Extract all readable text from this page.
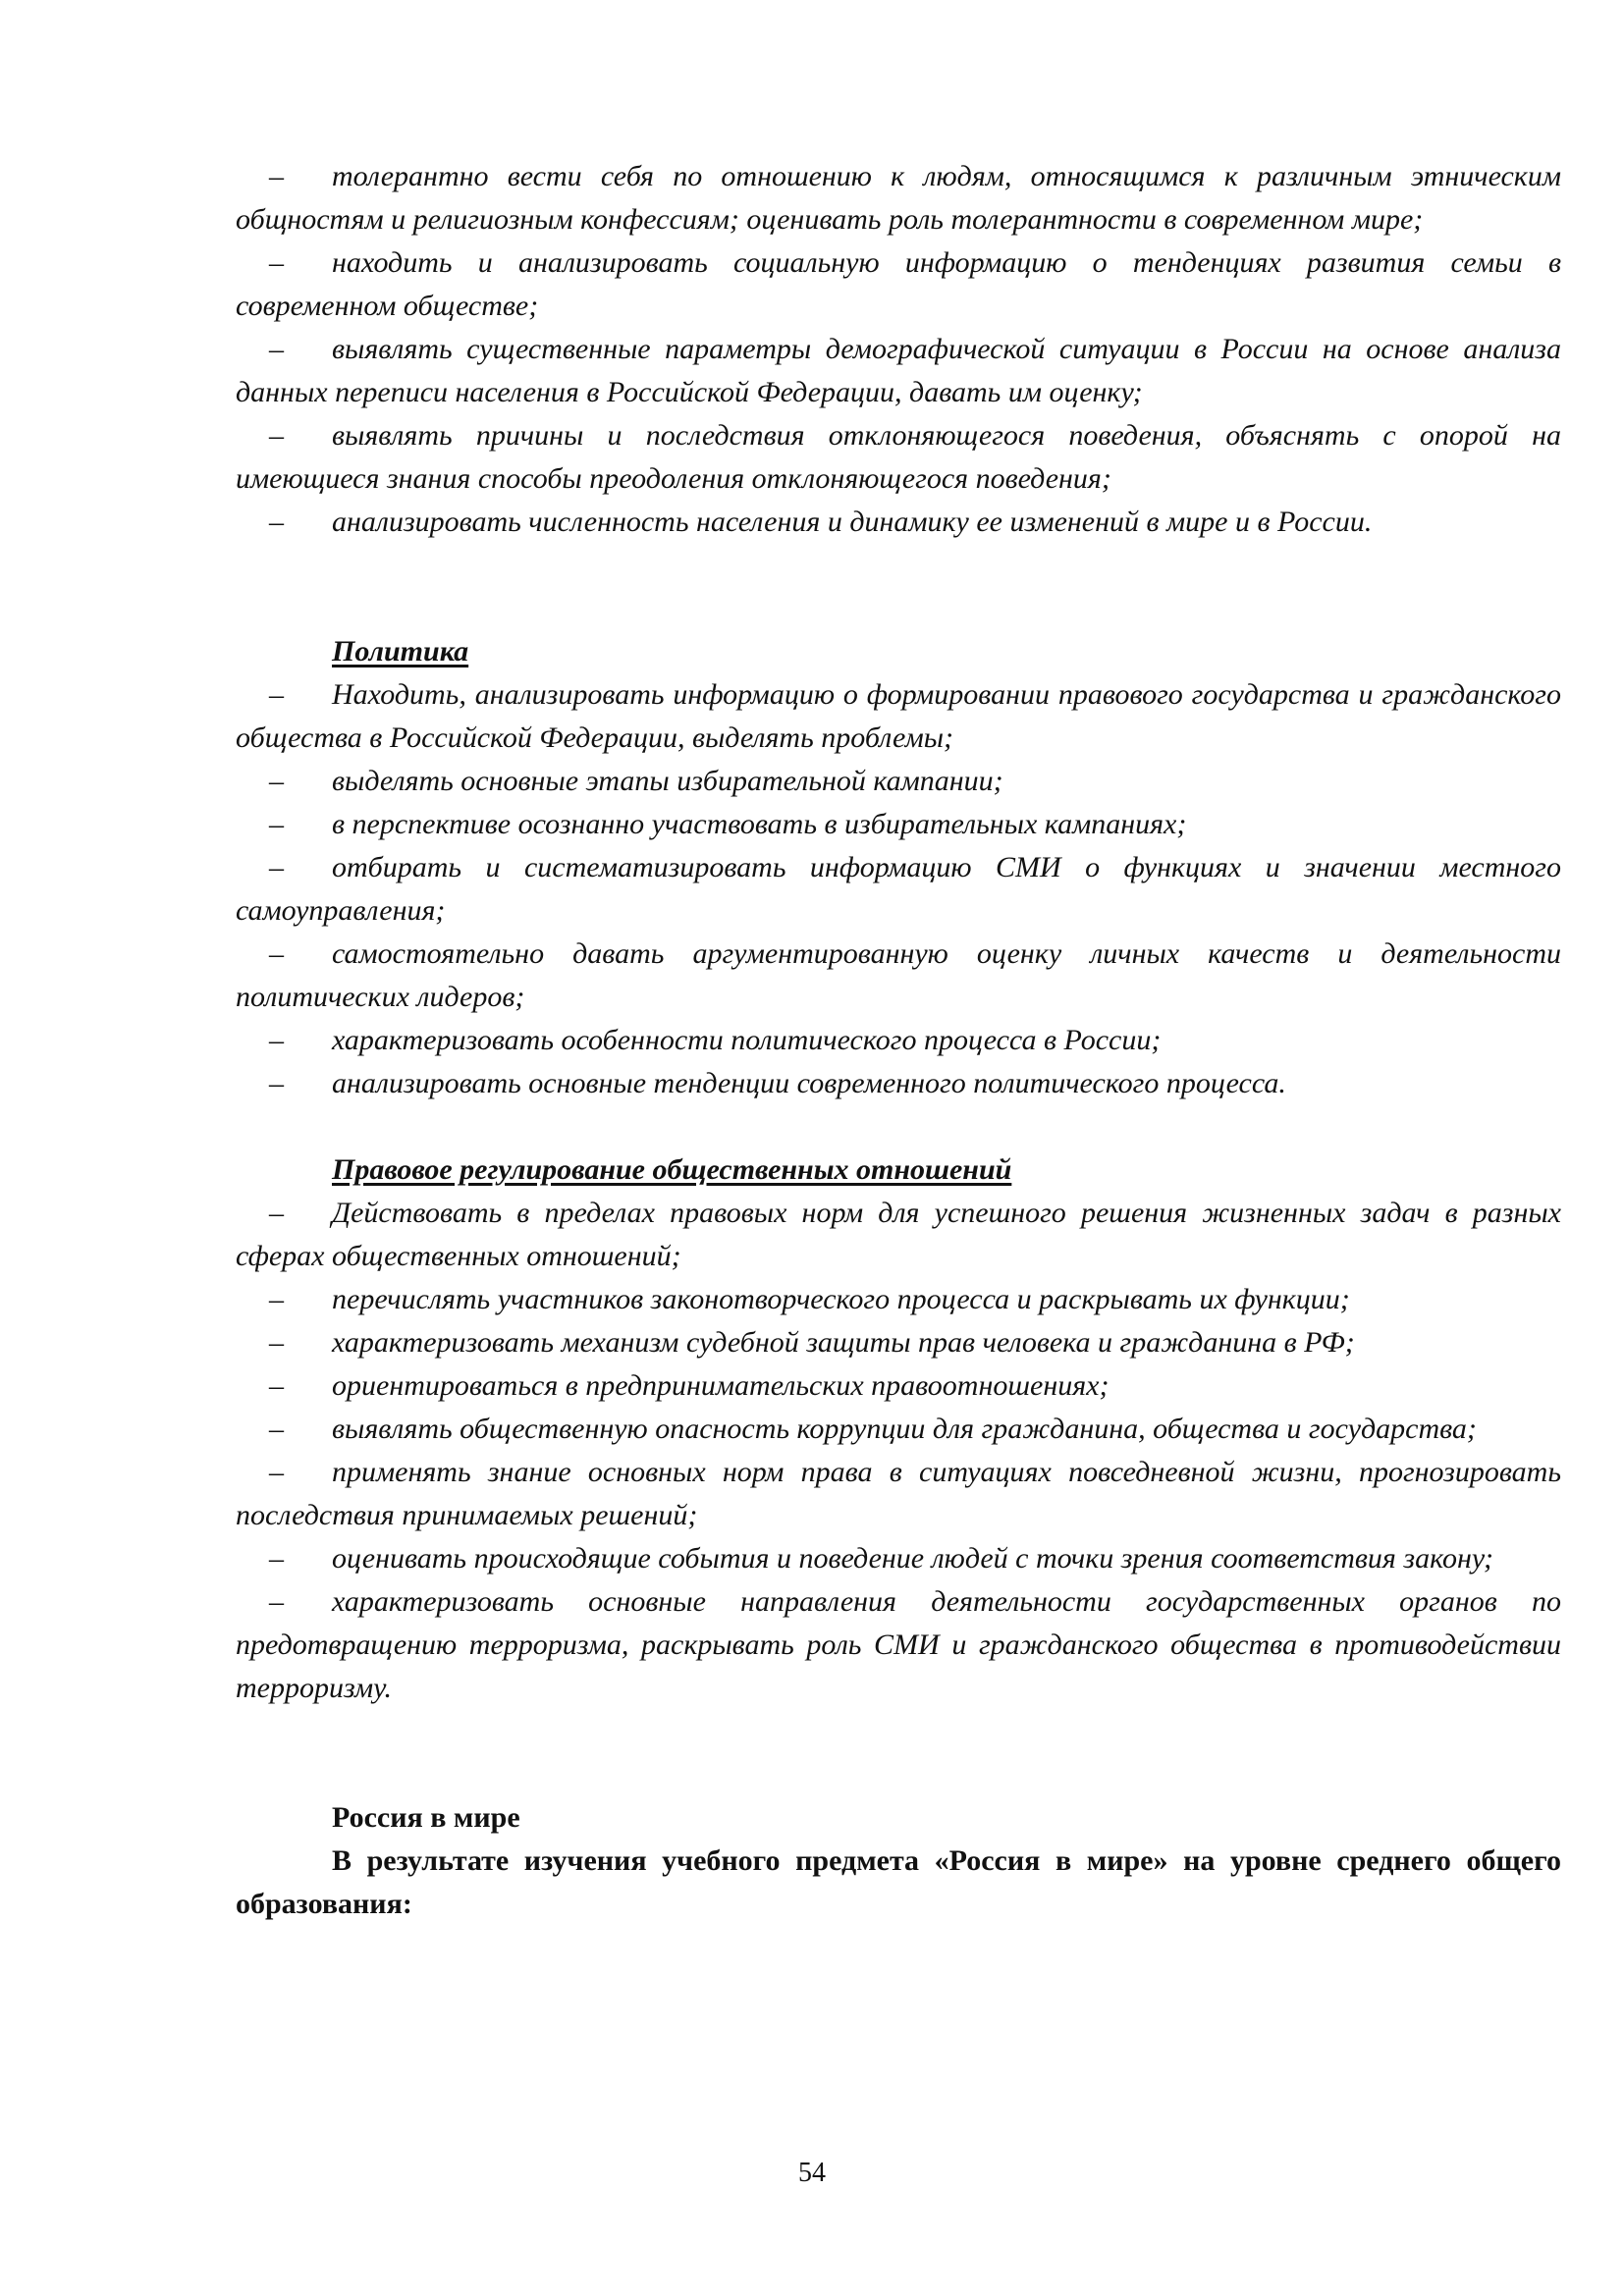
– толерантно вести себя по отношению к людям, относящимся к различным этническим общностям и религиозным конфессиям; оценивать роль толерантности в современном мире;

– находить и анализировать социальную информацию о тенденциях развития семьи в современном обществе;

– выявлять существенные параметры демографической ситуации в России на основе анализа данных переписи населения в Российской Федерации, давать им оценку;

– выявлять причины и последствия отклоняющегося поведения, объяснять с опорой на имеющиеся знания способы преодоления отклоняющегося поведения;

– анализировать численность населения и динамику ее изменений в мире и в России.

Политика

– Находить, анализировать информацию о формировании правового государства и гражданского общества в Российской Федерации, выделять проблемы;

– выделять основные этапы избирательной кампании;

– в перспективе осознанно участвовать в избирательных кампаниях;

– отбирать и систематизировать информацию СМИ о функциях и значении местного самоуправления;

– самостоятельно давать аргументированную оценку личных качеств и деятельности политических лидеров;

– характеризовать особенности политического процесса в России;

– анализировать основные тенденции современного политического процесса.

Правовое регулирование общественных отношений

– Действовать в пределах правовых норм для успешного решения жизненных задач в разных сферах общественных отношений;

– перечислять участников законотворческого процесса и раскрывать их функции;

– характеризовать механизм судебной защиты прав человека и гражданина в РФ;

– ориентироваться в предпринимательских правоотношениях;

– выявлять общественную опасность коррупции для гражданина, общества и государства;

– применять знание основных норм права в ситуациях повседневной жизни, прогнозировать последствия принимаемых решений;

– оценивать происходящие события и поведение людей с точки зрения соответствия закону;

– характеризовать основные направления деятельности государственных органов по предотвращению терроризма, раскрывать роль СМИ и гражданского общества в противодействии терроризму.

Россия в мире

В результате изучения учебного предмета «Россия в мире» на уровне среднего общего образования:

54
